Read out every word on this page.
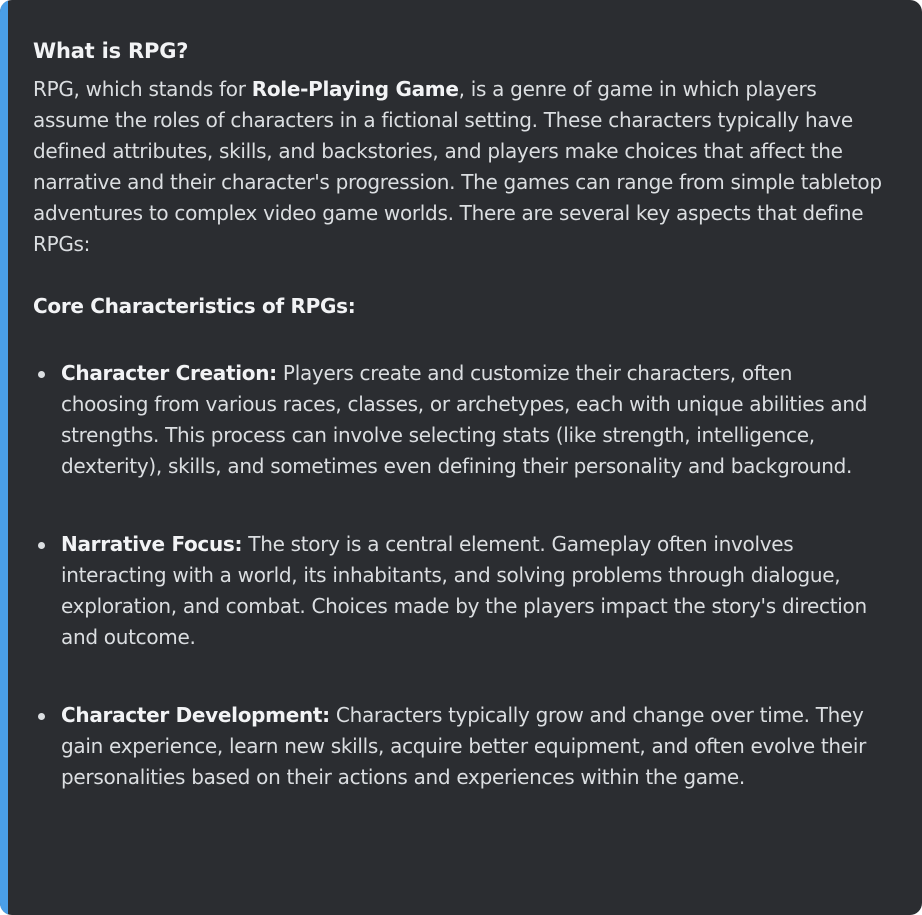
What is RPG?

RPG, which stands for Role-Playing Game, is a genre of game in which players assume the roles of characters in a fictional setting. These characters typically have defined attributes, skills, and backstories, and players make choices that affect the narrative and their character's progression. The games can range from simple tabletop adventures to complex video game worlds. There are several key aspects that define RPGs:

Core Characteristics of RPGs:
Character Creation: Players create and customize their characters, often choosing from various races, classes, or archetypes, each with unique abilities and strengths. This process can involve selecting stats (like strength, intelligence, dexterity), skills, and sometimes even defining their personality and background.
Narrative Focus: The story is a central element. Gameplay often involves interacting with a world, its inhabitants, and solving problems through dialogue, exploration, and combat. Choices made by the players impact the story's direction and outcome.
Character Development: Characters typically grow and change over time. They gain experience, learn new skills, acquire better equipment, and often evolve their personalities based on their actions and experiences within the game.
